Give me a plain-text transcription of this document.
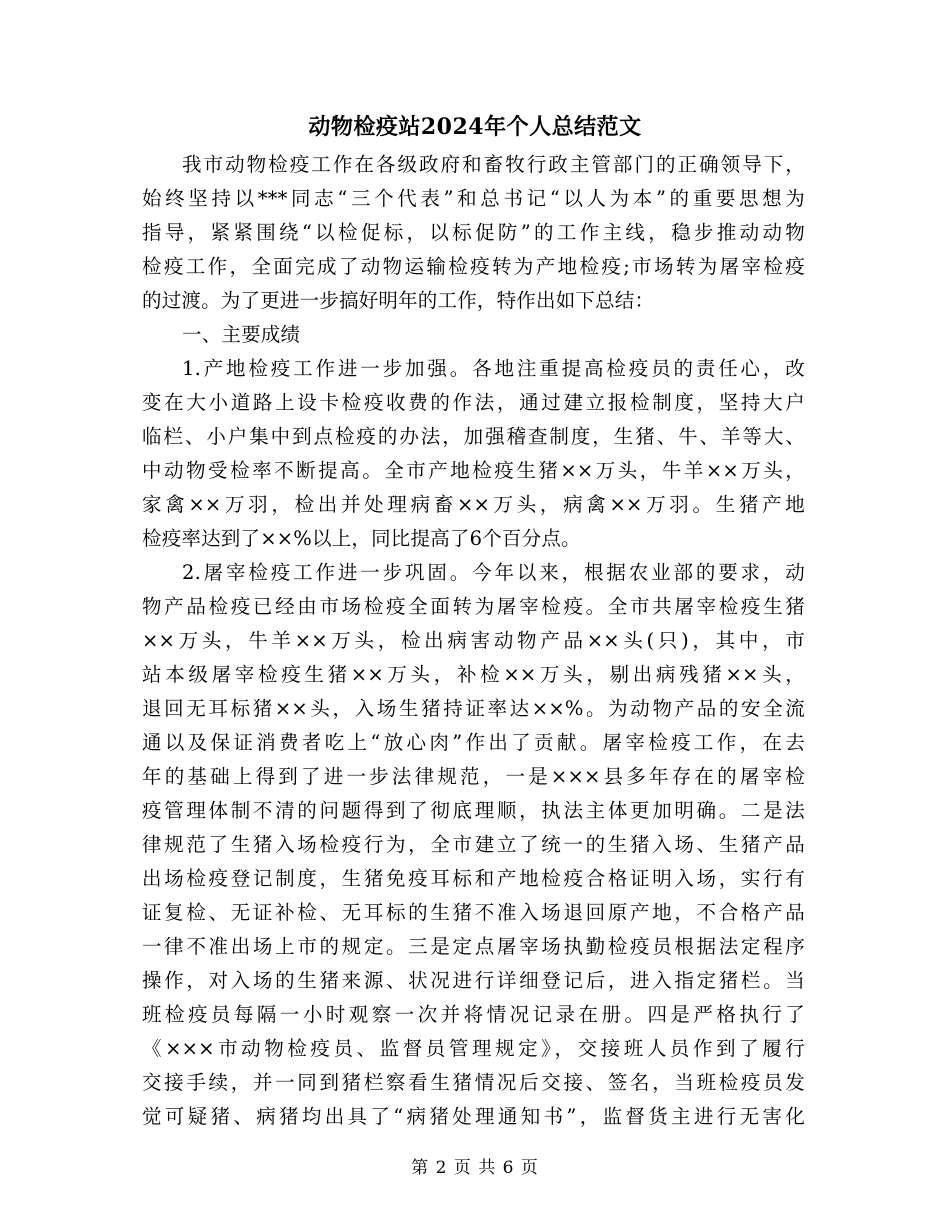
动物检疫站2024年个人总结范文
我市动物检疫工作在各级政府和畜牧行政主管部门的正确领导下，
始终坚持以***同志“三个代表”和总书记“以人为本”的重要思想为
指导，紧紧围绕“以检促标，以标促防”的工作主线，稳步推动动物
检疫工作，全面完成了动物运输检疫转为产地检疫;市场转为屠宰检疫
的过渡。为了更进一步搞好明年的工作，特作出如下总结：
一、主要成绩
1.产地检疫工作进一步加强。各地注重提高检疫员的责任心，改
变在大小道路上设卡检疫收费的作法，通过建立报检制度，坚持大户
临栏、小户集中到点检疫的办法，加强稽查制度，生猪、牛、羊等大、
中动物受检率不断提高。全市产地检疫生猪××万头，牛羊××万头，
家禽××万羽，检出并处理病畜××万头，病禽××万羽。生猪产地
检疫率达到了××%以上，同比提高了6个百分点。
2.屠宰检疫工作进一步巩固。今年以来，根据农业部的要求，动
物产品检疫已经由市场检疫全面转为屠宰检疫。全市共屠宰检疫生猪
××万头，牛羊××万头，检出病害动物产品××头(只)，其中，市
站本级屠宰检疫生猪××万头，补检××万头，剔出病残猪××头，
退回无耳标猪××头，入场生猪持证率达××%。为动物产品的安全流
通以及保证消费者吃上“放心肉”作出了贡献。屠宰检疫工作，在去
年的基础上得到了进一步法律规范，一是×××县多年存在的屠宰检
疫管理体制不清的问题得到了彻底理顺，执法主体更加明确。二是法
律规范了生猪入场检疫行为，全市建立了统一的生猪入场、生猪产品
出场检疫登记制度，生猪免疫耳标和产地检疫合格证明入场，实行有
证复检、无证补检、无耳标的生猪不准入场退回原产地，不合格产品
一律不准出场上市的规定。三是定点屠宰场执勤检疫员根据法定程序
操作，对入场的生猪来源、状况进行详细登记后，进入指定猪栏。当
班检疫员每隔一小时观察一次并将情况记录在册。四是严格执行了
《×××市动物检疫员、监督员管理规定》，交接班人员作到了履行
交接手续，并一同到猪栏察看生猪情况后交接、签名，当班检疫员发
觉可疑猪、病猪均出具了“病猪处理通知书”，监督货主进行无害化
第 2 页 共 6 页
